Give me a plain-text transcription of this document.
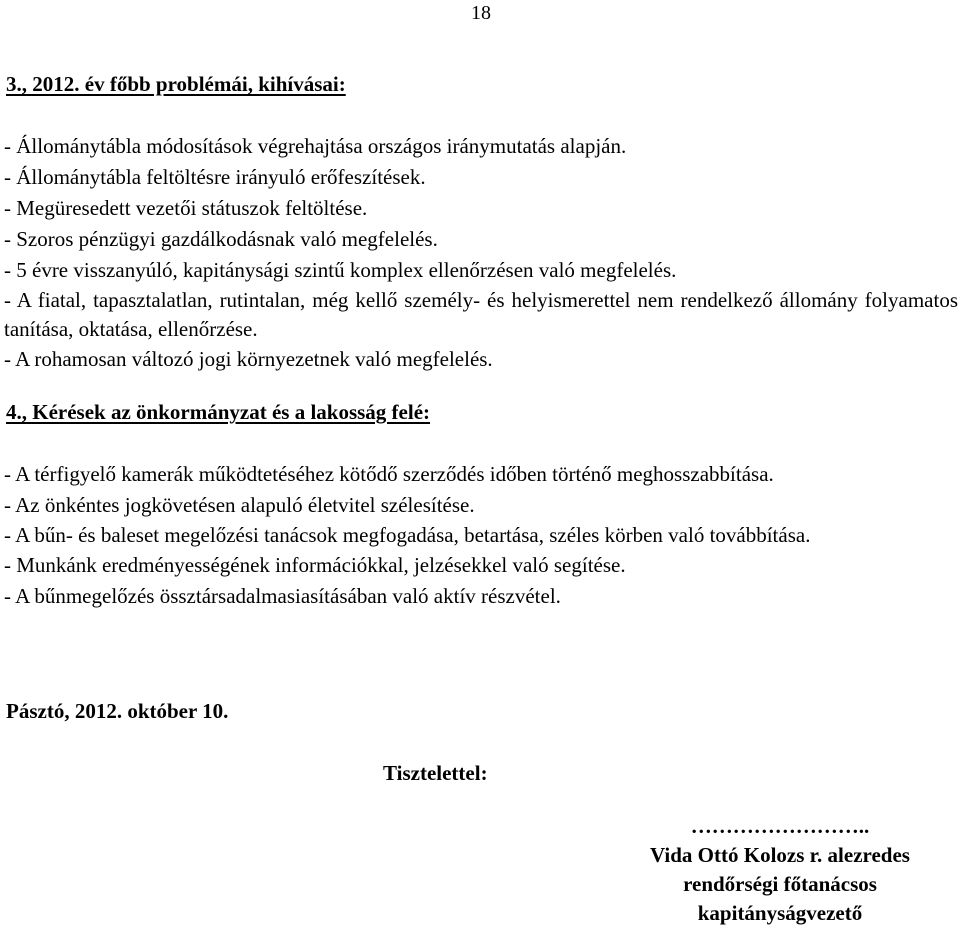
18
3., 2012. év főbb problémái, kihívásai:
- Állománytábla módosítások végrehajtása országos iránymutatás alapján.
- Állománytábla feltöltésre irányuló erőfeszítések.
- Megüresedett vezetői státuszok feltöltése.
- Szoros pénzügyi gazdálkodásnak való megfelelés.
- 5 évre visszanyúló, kapitánysági szintű komplex ellenőrzésen való megfelelés.
- A fiatal, tapasztalatlan, rutintalan, még kellő személy- és helyismerettel nem rendelkező állomány folyamatos tanítása, oktatása, ellenőrzése.
- A rohamosan változó jogi környezetnek való megfelelés.
4., Kérések az önkormányzat és a lakosság felé:
- A térfigyelő kamerák működtetéséhez kötődő szerződés időben történő meghosszabbítása.
- Az önkéntes jogkövetésen alapuló életvitel szélesítése.
- A bűn- és baleset megelőzési tanácsok megfogadása, betartása, széles körben való továbbítása.
- Munkánk eredményességének információkkal, jelzésekkel való segítése.
- A bűnmegelőzés össztársadalmasiasításában való aktív részvétel.
Pásztó, 2012. október 10.
Tisztelettel:
……………………..
Vida Ottó Kolozs r. alezredes
rendőrségi főtanácsos
kapitányságvezető
